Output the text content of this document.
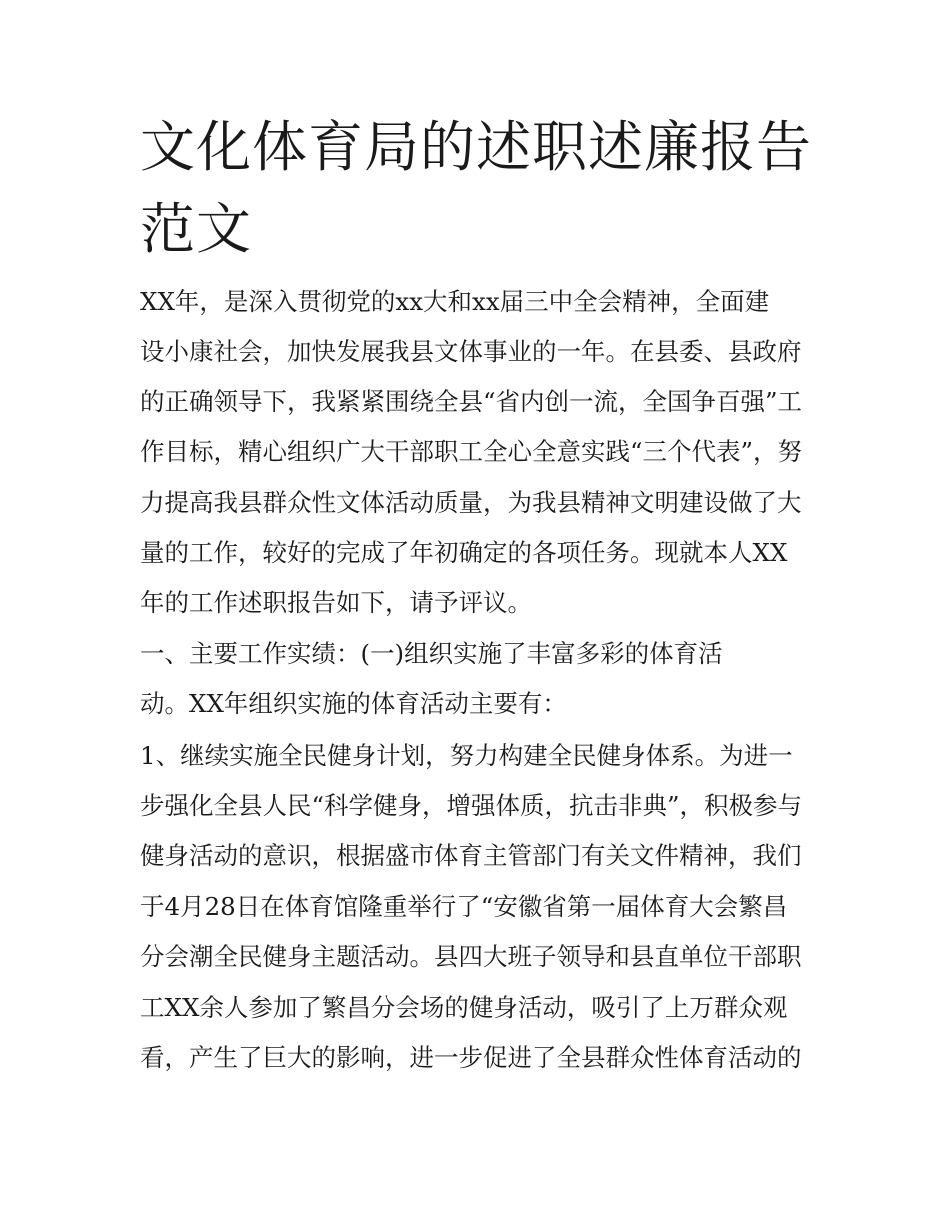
文化体育局的述职述廉报告范文

XX年，是深入贯彻党的xx大和xx届三中全会精神，全面建

设小康社会，加快发展我县文体事业的一年。在县委、县政府

的正确领导下，我紧紧围绕全县“省内创一流，全国争百强”工

作目标，精心组织广大干部职工全心全意实践“三个代表”，努

力提高我县群众性文体活动质量，为我县精神文明建设做了大

量的工作，较好的完成了年初确定的各项任务。现就本人XX

年的工作述职报告如下，请予评议。

一、主要工作实绩：(一)组织实施了丰富多彩的体育活

动。XX年组织实施的体育活动主要有：

1、继续实施全民健身计划，努力构建全民健身体系。为进一

步强化全县人民“科学健身，增强体质，抗击非典”，积极参与

健身活动的意识，根据盛市体育主管部门有关文件精神，我们

于4月28日在体育馆隆重举行了“安徽省第一届体育大会繁昌

分会潮全民健身主题活动。县四大班子领导和县直单位干部职

工XX余人参加了繁昌分会场的健身活动，吸引了上万群众观

看，产生了巨大的影响，进一步促进了全县群众性体育活动的
